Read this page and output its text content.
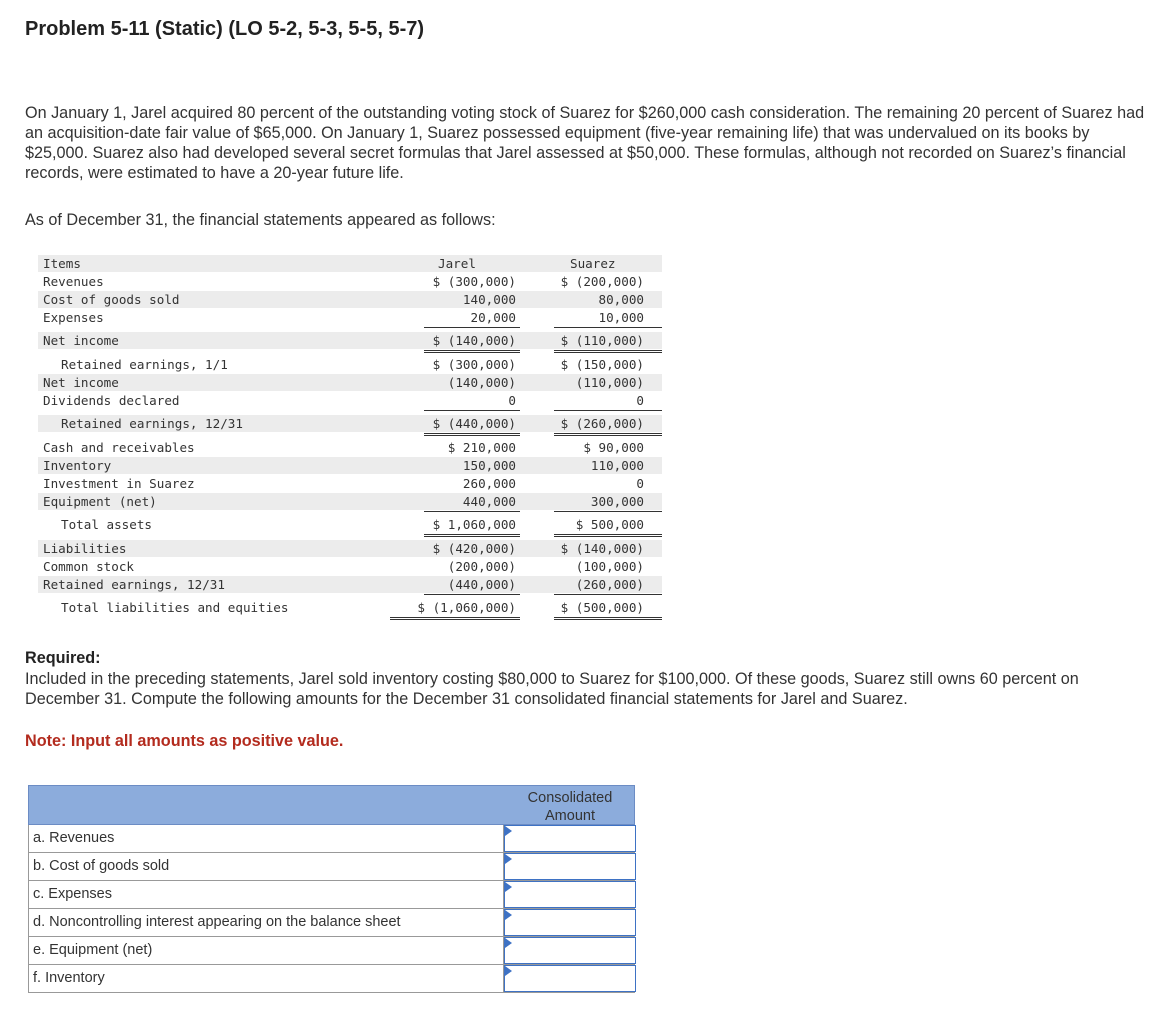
Problem 5-11 (Static) (LO 5-2, 5-3, 5-5, 5-7)
On January 1, Jarel acquired 80 percent of the outstanding voting stock of Suarez for $260,000 cash consideration. The remaining 20 percent of Suarez had an acquisition-date fair value of $65,000. On January 1, Suarez possessed equipment (five-year remaining life) that was undervalued on its books by $25,000. Suarez also had developed several secret formulas that Jarel assessed at $50,000. These formulas, although not recorded on Suarez’s financial records, were estimated to have a 20-year future life.
As of December 31, the financial statements appeared as follows:
Items	Jarel	Suarez
Revenues	$ (300,000)	$ (200,000)
Cost of goods sold	140,000	80,000
Expenses	20,000	10,000
Net income	$ (140,000)	$ (110,000)
Retained earnings, 1/1	$ (300,000)	$ (150,000)
Net income	(140,000)	(110,000)
Dividends declared	0	0
Retained earnings, 12/31	$ (440,000)	$ (260,000)
Cash and receivables	$ 210,000	$ 90,000
Inventory	150,000	110,000
Investment in Suarez	260,000	0
Equipment (net)	440,000	300,000
Total assets	$ 1,060,000	$ 500,000
Liabilities	$ (420,000)	$ (140,000)
Common stock	(200,000)	(100,000)
Retained earnings, 12/31	(440,000)	(260,000)
Total liabilities and equities	$ (1,060,000)	$ (500,000)
Required:
Included in the preceding statements, Jarel sold inventory costing $80,000 to Suarez for $100,000. Of these goods, Suarez still owns 60 percent on December 31. Compute the following amounts for the December 31 consolidated financial statements for Jarel and Suarez.
Note: Input all amounts as positive value.
Consolidated Amount
a. Revenues
b. Cost of goods sold
c. Expenses
d. Noncontrolling interest appearing on the balance sheet
e. Equipment (net)
f. Inventory
